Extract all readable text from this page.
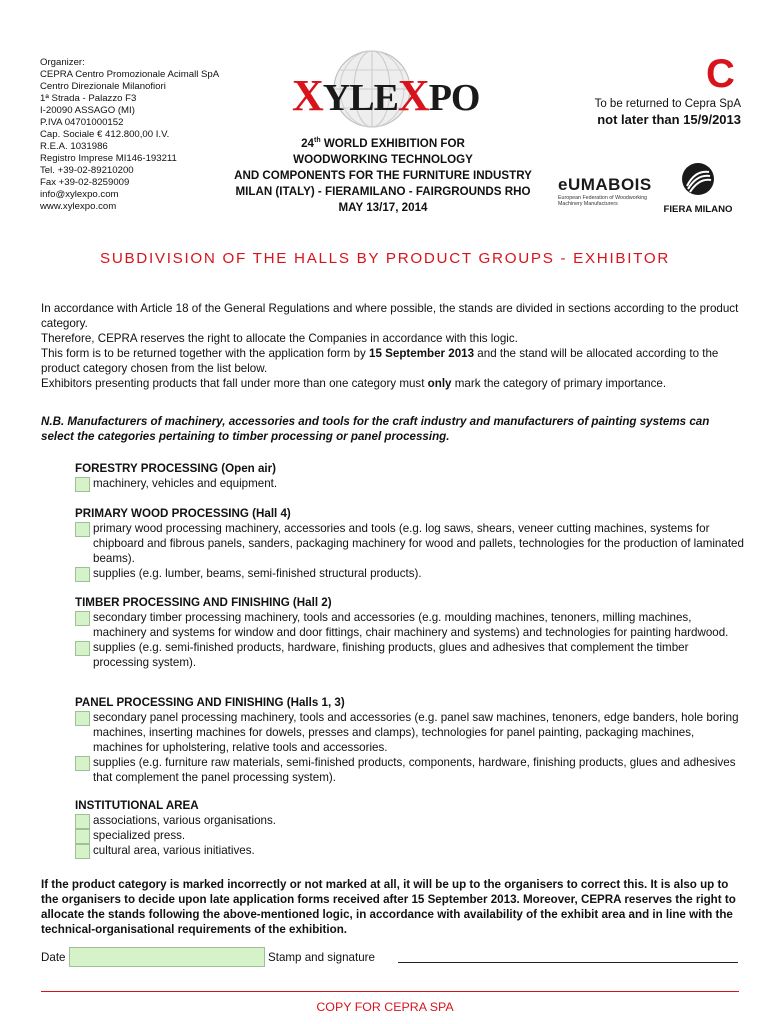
Organizer:
CEPRA Centro Promozionale Acimall SpA
Centro Direzionale Milanofiori
1ª Strada - Palazzo F3
I-20090 ASSAGO (MI)
P.IVA 04701000152
Cap. Sociale € 412.800,00 I.V.
R.E.A. 1031986
Registro Imprese MI146-193211
Tel. +39-02-89210200
Fax +39-02-8259009
info@xylexpo.com
www.xylexpo.com
XYLEXPO
24th WORLD EXHIBITION FOR
WOODWORKING TECHNOLOGY
AND COMPONENTS FOR THE FURNITURE INDUSTRY
MILAN (ITALY) - FIERAMILANO - FAIRGROUNDS RHO
MAY 13/17, 2014
C
To be returned to Cepra SpA
not later than 15/9/2013
eUMABOIS
European Federation of Woodworking
Machinery Manufacturers	FIERA MILANO
SUBDIVISION OF THE HALLS BY PRODUCT GROUPS - EXHIBITOR

In accordance with Article 18 of the General Regulations and where possible, the stands are divided in sections according to the product category.

Therefore, CEPRA reserves the right to allocate the Companies in accordance with this logic.

This form is to be returned together with the application form by 15 September 2013 and the stand will be allocated according to the product category chosen from the list below.

Exhibitors presenting products that fall under more than one category must only mark the category of primary importance.

N.B. Manufacturers of machinery, accessories and tools for the craft industry and manufacturers of painting systems can select the categories pertaining to timber processing or panel processing.

FORESTRY PROCESSING (Open air)

machinery, vehicles and equipment.

PRIMARY WOOD PROCESSING (Hall 4)

primary wood processing machinery, accessories and tools (e.g. log saws, shears, veneer cutting machines, systems for chipboard and fibrous panels, sanders, packaging machinery for wood and pallets, technologies for the production of laminated beams).
supplies (e.g. lumber, beams, semi-finished structural products).

TIMBER PROCESSING AND FINISHING (Hall 2)

secondary timber processing machinery, tools and accessories (e.g. moulding machines, tenoners, milling machines, machinery and systems for window and door fittings, chair machinery and systems) and technologies for painting hardwood.
supplies (e.g. semi-finished products, hardware, finishing products, glues and adhesives that complement the timber processing system).

PANEL PROCESSING AND FINISHING (Halls 1, 3)

secondary panel processing machinery, tools and accessories (e.g. panel saw machines, tenoners, edge banders, hole boring machines, inserting machines for dowels, presses and clamps), technologies for panel painting, packaging machines, machines for upholstering, relative tools and accessories.
supplies (e.g. furniture raw materials, semi-finished products, components, hardware, finishing products, glues and adhesives that complement the panel processing system).

INSTITUTIONAL AREA

associations, various organisations.
specialized press.
cultural area, various initiatives.

If the product category is marked incorrectly or not marked at all, it will be up to the organisers to correct this. It is also up to the organisers to decide upon late application forms received after 15 September 2013. Moreover, CEPRA reserves the right to allocate the stands following the above-mentioned logic, in accordance with availability of the exhibit area and in line with the technical-organisational requirements of the exhibition.

Date	Stamp and signature
COPY FOR CEPRA SPA
